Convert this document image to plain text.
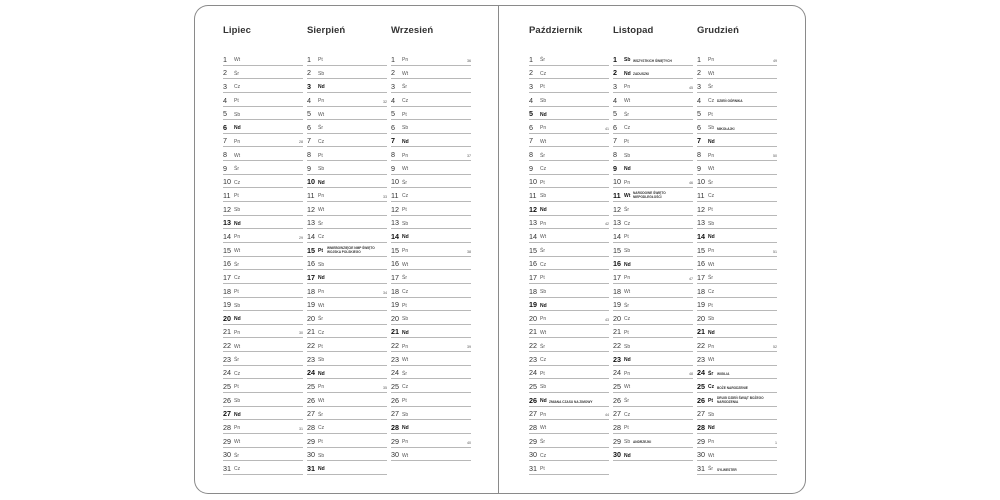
Lipiec
1 Wt
2 Śr
3 Cz
4 Pt
5 Sb
6 Nd
7 Pn	28
8 Wt
9 Śr
10 Cz
11 Pt
12 Sb
13 Nd
14 Pn	29
15 Wt
16 Śr
17 Cz
18 Pt
19 Sb
20 Nd
21 Pn	30
22 Wt
23 Śr
24 Cz
25 Pt
26 Sb
27 Nd
28 Pn	31
29 Wt
30 Śr
31 Cz
Sierpień
1 Pt
2 Sb
3 Nd
4 Pn	32
5 Wt
6 Śr
7 Cz
8 Pt
9 Sb
10 Nd
11 Pn	33
12 Wt
13 Śr
14 Cz
15 Pt
WNIEBOWZIĘCIE NMP ŚWIĘTO WOJSKA POLSKIEGO
16 Sb
17 Nd
18 Pn	34
19 Wt
20 Śr
21 Cz
22 Pt
23 Sb
24 Nd
25 Pn	35
26 Wt
27 Śr
28 Cz
29 Pt
30 Sb
31 Nd
Wrzesień
1 Pn	36
2 Wt
3 Śr
4 Cz
5 Pt
6 Sb
7 Nd
8 Pn	37
9 Wt
10 Śr
11 Cz
12 Pt
13 Sb
14 Nd
15 Pn	38
16 Wt
17 Śr
18 Cz
19 Pt
20 Sb
21 Nd
22 Pn	39
23 Wt
24 Śr
25 Cz
26 Pt
27 Sb
28 Nd
29 Pn	40
30 Wt
Październik
1 Śr
2 Cz
3 Pt
4 Sb
5 Nd
6 Pn	41
7 Wt
8 Śr
9 Cz
10 Pt
11 Sb
12 Nd
13 Pn	42
14 Wt
15 Śr
16 Cz
17 Pt
18 Sb
19 Nd
20 Pn	43
21 Wt
22 Śr
23 Cz
24 Pt
25 Sb
26 Nd ZMIANA CZASU NA ZIMOWY
27 Pn	44
28 Wt
29 Śr
30 Cz
31 Pt
Listopad
1 Sb WSZYSTKICH ŚWIĘTYCH
2 Nd ZADUSZKI
3 Pn	45
4 Wt
5 Śr
6 Cz
7 Pt
8 Sb
9 Nd
10 Pn	46
11 Wt
NARODOWE ŚWIĘTO NIEPODLEGŁOŚCI
12 Śr
13 Cz
14 Pt
15 Sb
16 Nd
17 Pn	47
18 Wt
19 Śr
20 Cz
21 Pt
22 Sb
23 Nd
24 Pn	48
25 Wt
26 Śr
27 Cz
28 Pt
29 Sb ANDRZEJKI
30 Nd
Grudzień
1 Pn	49
2 Wt
3 Śr
4 Cz DZIEŃ GÓRNIKA
5 Pt
6 Sb MIKOŁAJKI
7 Nd
8 Pn	50
9 Wt
10 Śr
11 Cz
12 Pt
13 Sb
14 Nd
15 Pn	51
16 Wt
17 Śr
18 Cz
19 Pt
20 Sb
21 Nd
22 Pn	52
23 Wt
24 Śr WIGILIA
25 Cz BOŻE NARODZENIE
26 Pt
DRUGI DZIEŃ ŚWIĄT BOŻEGO NARODZENIA
27 Sb
28 Nd
29 Pn	1
30 Wt
31 Śr SYLWESTER
